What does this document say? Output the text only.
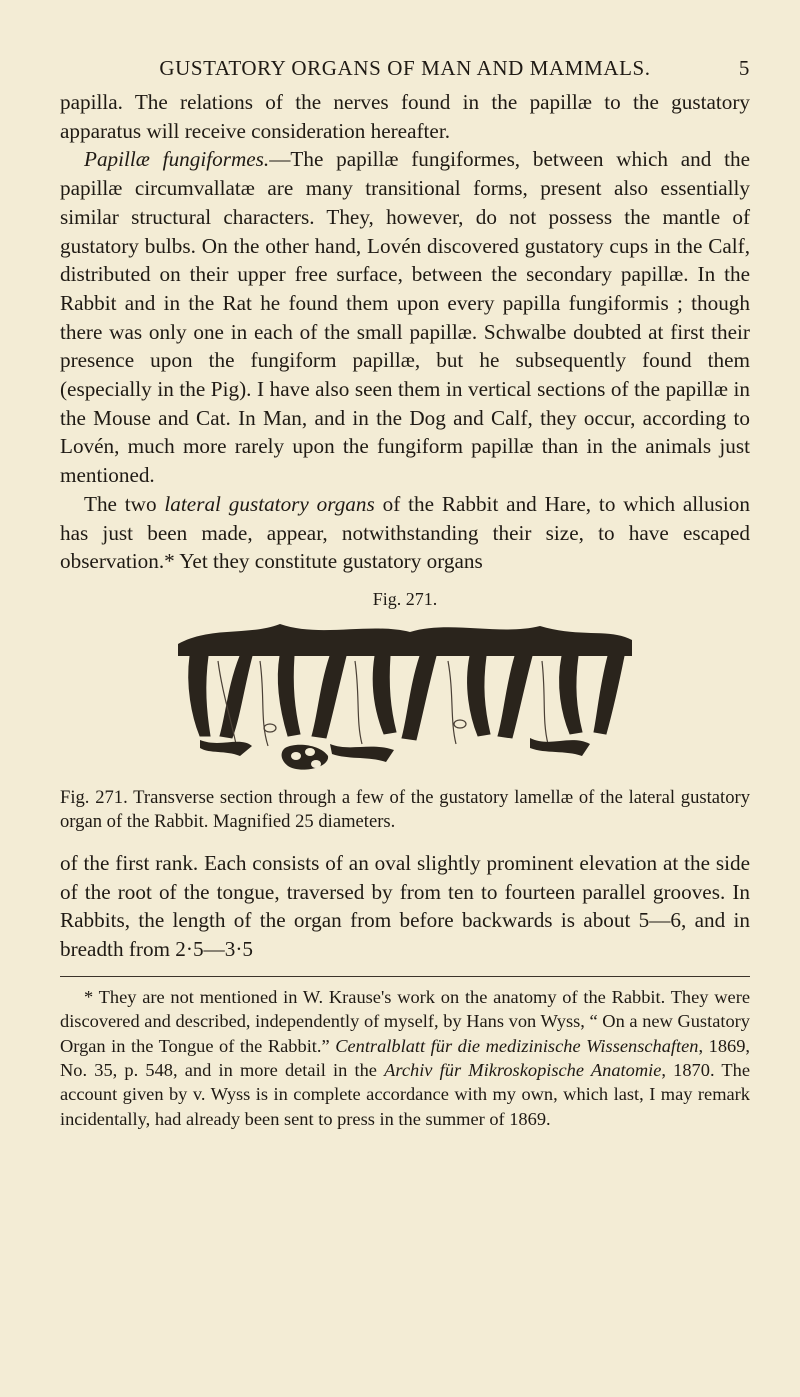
GUSTATORY ORGANS OF MAN AND MAMMALS.	5

papilla. The relations of the nerves found in the papillæ to the gustatory apparatus will receive consideration hereafter.

Papillæ fungiformes.—The papillæ fungiformes, between which and the papillæ circumvallatæ are many transitional forms, present also essentially similar structural characters. They, however, do not possess the mantle of gustatory bulbs. On the other hand, Lovén discovered gustatory cups in the Calf, distributed on their upper free surface, between the secondary papillæ. In the Rabbit and in the Rat he found them upon every papilla fungiformis ; though there was only one in each of the small papillæ. Schwalbe doubted at first their presence upon the fungiform papillæ, but he subsequently found them (especially in the Pig). I have also seen them in vertical sections of the papillæ in the Mouse and Cat. In Man, and in the Dog and Calf, they occur, according to Lovén, much more rarely upon the fungiform papillæ than in the animals just mentioned.

The two lateral gustatory organs of the Rabbit and Hare, to which allusion has just been made, appear, notwithstanding their size, to have escaped observation.* Yet they constitute gustatory organs

Fig. 271.

Fig. 271. Transverse section through a few of the gustatory lamellæ of the lateral gustatory organ of the Rabbit. Magnified 25 diameters.

of the first rank. Each consists of an oval slightly prominent elevation at the side of the root of the tongue, traversed by from ten to fourteen parallel grooves. In Rabbits, the length of the organ from before backwards is about 5—6, and in breadth from 2·5—3·5

* They are not mentioned in W. Krause's work on the anatomy of the Rabbit. They were discovered and described, independently of myself, by Hans von Wyss, “ On a new Gustatory Organ in the Tongue of the Rabbit.” Centralblatt für die medizinische Wissenschaften, 1869, No. 35, p. 548, and in more detail in the Archiv für Mikroskopische Anatomie, 1870. The account given by v. Wyss is in complete accordance with my own, which last, I may remark incidentally, had already been sent to press in the summer of 1869.
